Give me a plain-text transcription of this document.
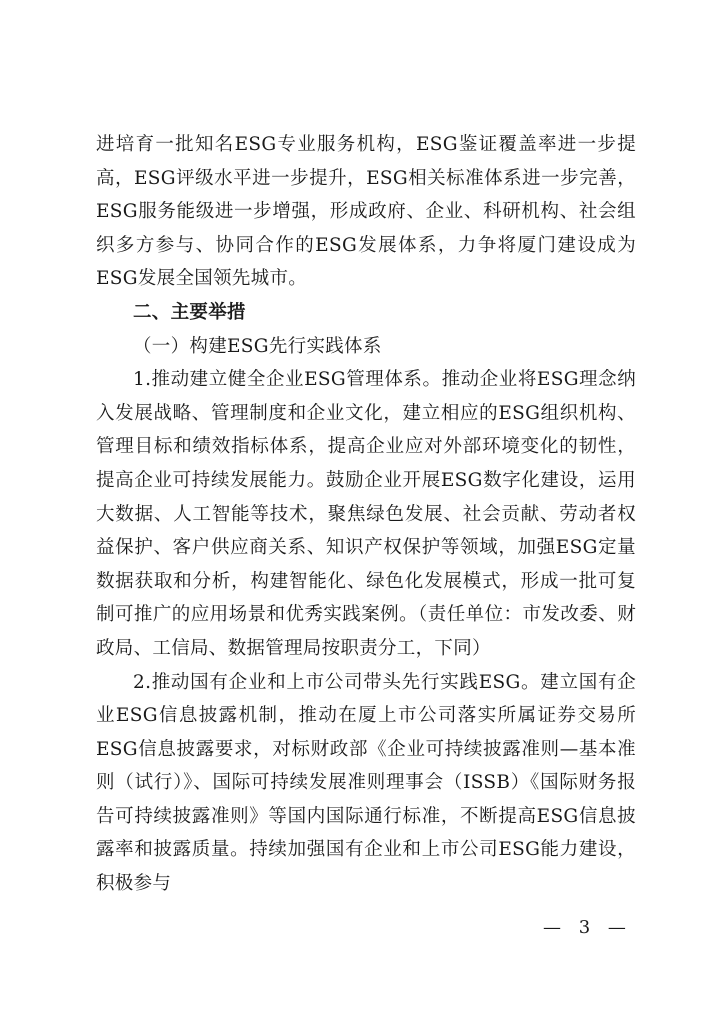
进培育一批知名ESG专业服务机构，ESG鉴证覆盖率进一步提高，ESG评级水平进一步提升，ESG相关标准体系进一步完善，ESG服务能级进一步增强，形成政府、企业、科研机构、社会组织多方参与、协同合作的ESG发展体系，力争将厦门建设成为ESG发展全国领先城市。

二、主要举措

（一）构建ESG先行实践体系

1.推动建立健全企业ESG管理体系。推动企业将ESG理念纳入发展战略、管理制度和企业文化，建立相应的ESG组织机构、管理目标和绩效指标体系，提高企业应对外部环境变化的韧性，提高企业可持续发展能力。鼓励企业开展ESG数字化建设，运用大数据、人工智能等技术，聚焦绿色发展、社会贡献、劳动者权益保护、客户供应商关系、知识产权保护等领域，加强ESG定量数据获取和分析，构建智能化、绿色化发展模式，形成一批可复制可推广的应用场景和优秀实践案例。（责任单位：市发改委、财政局、工信局、数据管理局按职责分工，下同）

2.推动国有企业和上市公司带头先行实践ESG。建立国有企业ESG信息披露机制，推动在厦上市公司落实所属证券交易所ESG信息披露要求，对标财政部《企业可持续披露准则—基本准则（试行）》、国际可持续发展准则理事会（ISSB）《国际财务报告可持续披露准则》等国内国际通行标准，不断提高ESG信息披露率和披露质量。持续加强国有企业和上市公司ESG能力建设，积极参与

— 3 —
